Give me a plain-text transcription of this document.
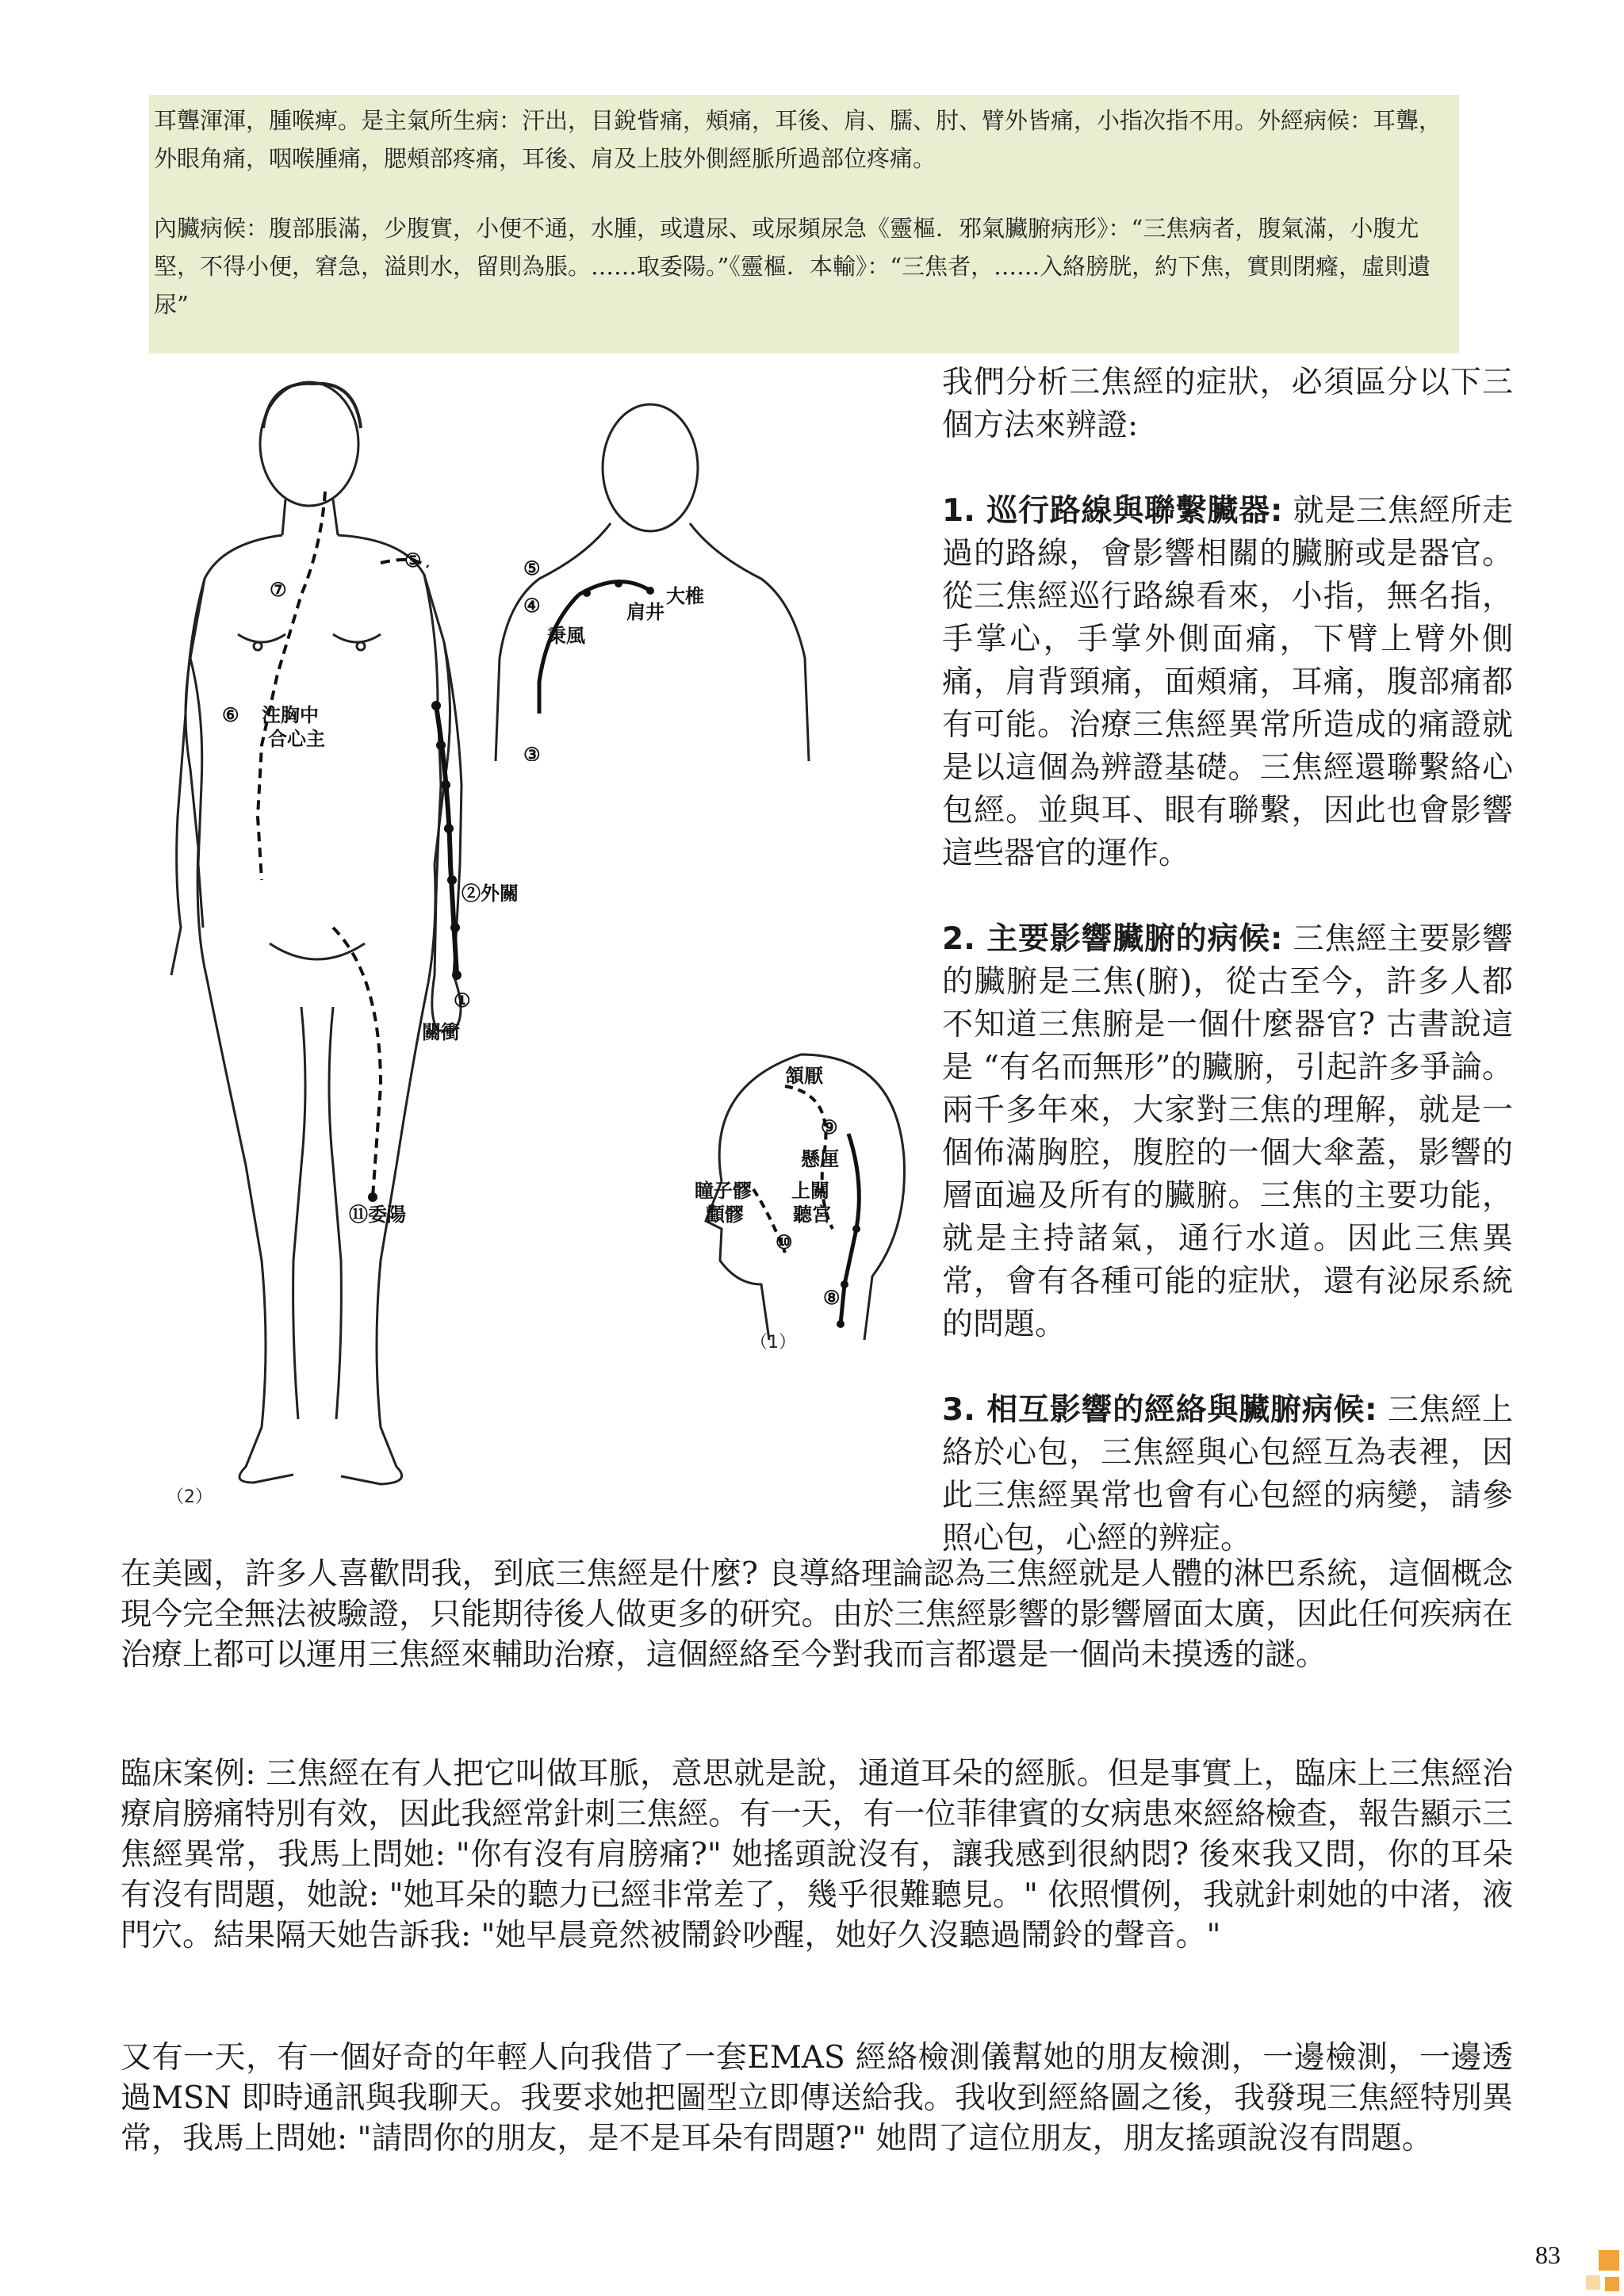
耳聾渾渾，腫喉痺。是主氣所生病：汗出，目銳眥痛，頰痛，耳後、肩、臑、肘、臂外皆痛，小指次指不用。外經病候：耳聾，外眼角痛，咽喉腫痛，腮頰部疼痛，耳後、肩及上肢外側經脈所過部位疼痛。

內臟病候：腹部脹滿，少腹實，小便不通，水腫，或遺尿、或尿頻尿急《靈樞．邪氣臟腑病形》：“三焦病者，腹氣滿，小腹尤堅，不得小便，窘急，溢則水，留則為脹。……取委陽。”《靈樞．本輸》：“三焦者，……入絡膀胱，約下焦，實則閉癃，虛則遺尿”

⑤
⑦
⑥ 注胸中
合心主
②外關
①
關衝
⑪委陽
（2）
⑤
④
③
大椎
肩井
秉風
頷厭
⑨
懸厘
瞳子髎 上關
顴髎	聽宮
⑩
⑧
（1）

我們分析三焦經的症狀，必須區分以下三個方法來辨證:

1. 巡行路線與聯繫臟器: 就是三焦經所走過的路線，會影響相關的臟腑或是器官。從三焦經巡行路線看來，小指，無名指，手掌心，手掌外側面痛，下臂上臂外側痛，肩背頸痛，面頰痛，耳痛，腹部痛都有可能。治療三焦經異常所造成的痛證就是以這個為辨證基礎。三焦經還聯繫絡心包經。並與耳、眼有聯繫，因此也會影響這些器官的運作。

2. 主要影響臟腑的病候: 三焦經主要影響的臟腑是三焦(腑)，從古至今，許多人都不知道三焦腑是一個什麼器官? 古書說這是 “有名而無形”的臟腑，引起許多爭論。兩千多年來，大家對三焦的理解，就是一個佈滿胸腔，腹腔的一個大傘蓋，影響的層面遍及所有的臟腑。三焦的主要功能，就是主持諸氣，通行水道。因此三焦異常，會有各種可能的症狀，還有泌尿系統的問題。

3. 相互影響的經絡與臟腑病候: 三焦經上絡於心包，三焦經與心包經互為表裡，因此三焦經異常也會有心包經的病變，請參照心包，心經的辨症。

在美國，許多人喜歡問我，到底三焦經是什麼? 良導絡理論認為三焦經就是人體的淋巴系統，這個概念現今完全無法被驗證，只能期待後人做更多的研究。由於三焦經影響的影響層面太廣，因此任何疾病在治療上都可以運用三焦經來輔助治療，這個經絡至今對我而言都還是一個尚未摸透的謎。

臨床案例: 三焦經在有人把它叫做耳脈，意思就是說，通道耳朵的經脈。但是事實上，臨床上三焦經治療肩膀痛特別有效，因此我經常針刺三焦經。有一天，有一位菲律賓的女病患來經絡檢查，報告顯示三焦經異常，我馬上問她: "你有沒有肩膀痛?" 她搖頭說沒有，讓我感到很納悶? 後來我又問，你的耳朵有沒有問題，她說: "她耳朵的聽力已經非常差了，幾乎很難聽見。" 依照慣例，我就針刺她的中渚，液門穴。結果隔天她告訴我: "她早晨竟然被鬧鈴吵醒，她好久沒聽過鬧鈴的聲音。"

又有一天，有一個好奇的年輕人向我借了一套EMAS 經絡檢測儀幫她的朋友檢測，一邊檢測，一邊透過MSN 即時通訊與我聊天。我要求她把圖型立即傳送給我。我收到經絡圖之後，我發現三焦經特別異常，我馬上問她: "請問你的朋友，是不是耳朵有問題?" 她問了這位朋友，朋友搖頭說沒有問題。

83
